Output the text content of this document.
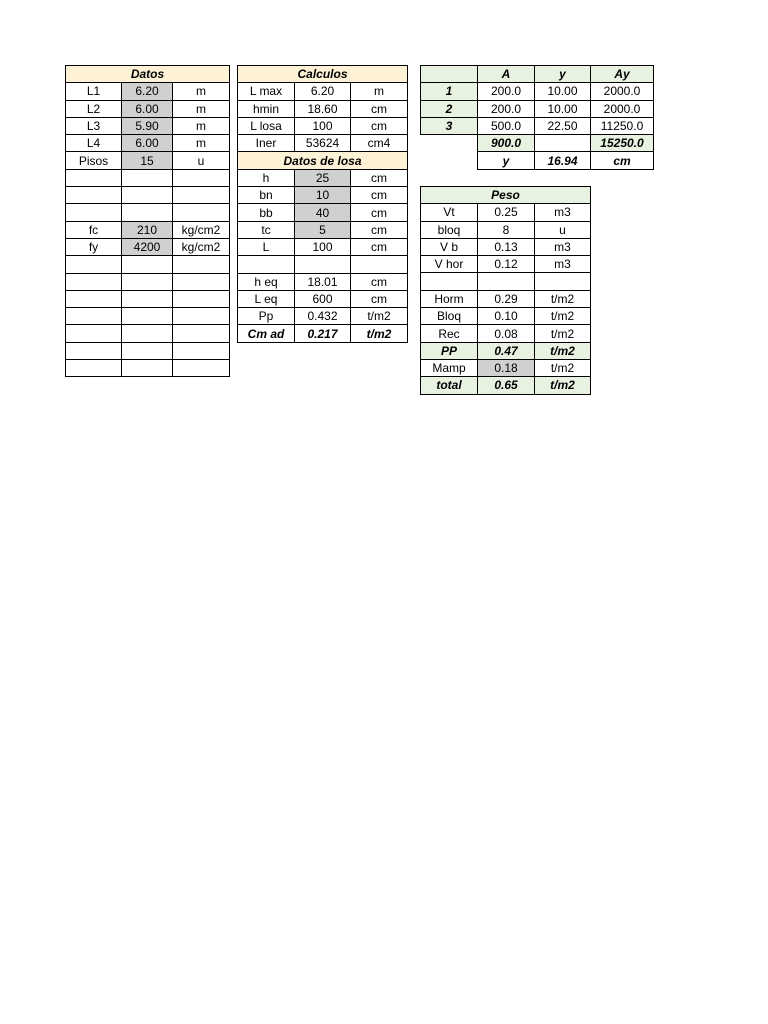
Datos		
L1	6.20	m
L2	6.00	m
L3	5.90	m
L4	6.00	m
Pisos	15	u

fc	210	kg/cm2
fy	4200	kg/cm2

Calculos		
L max	6.20	m
hmin	18.60	cm
L losa	100	cm
Iner	53624	cm4
Datos de losa		
h	25	cm
bn	10	cm
bb	40	cm
tc	5	cm
L	100	cm

h eq	18.01	cm
L eq	600	cm
Pp	0.432	t/m2
Cm ad	0.217	t/m2
	A	y	Ay
1	200.0	10.00	2000.0
2	200.0	10.00	2000.0
3	500.0	22.50	11250.0
	900.0		15250.0
	y	16.94	cm
Peso		
Vt	0.25	m3
bloq	8	u
V b	0.13	m3
V hor	0.12	m3

Horm	0.29	t/m2
Bloq	0.10	t/m2
Rec	0.08	t/m2
PP	0.47	t/m2
Mamp	0.18	t/m2
total	0.65	t/m2
